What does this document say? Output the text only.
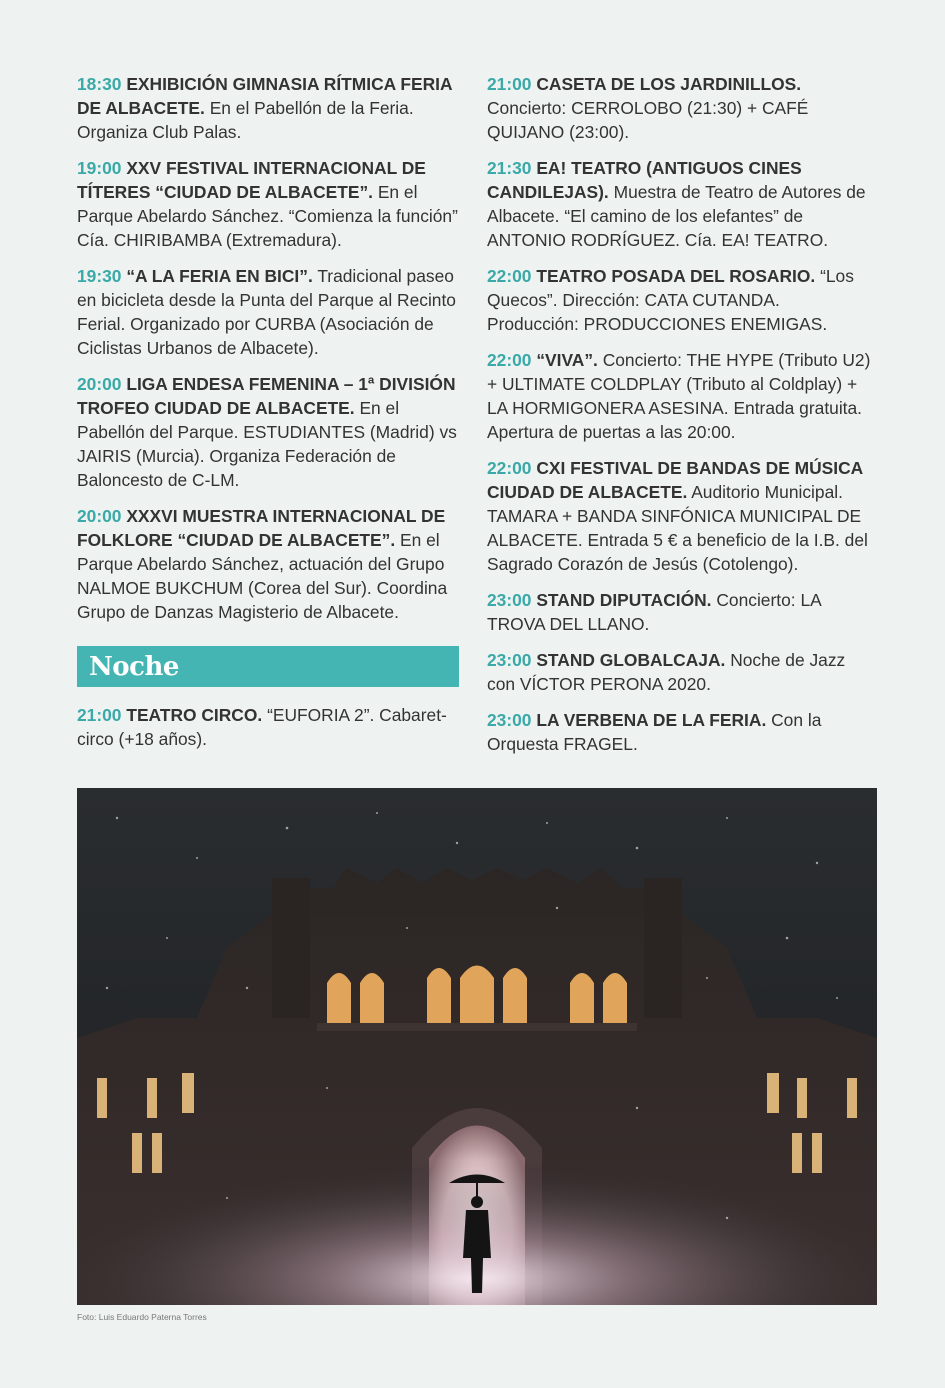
18:30 EXHIBICIÓN GIMNASIA RÍTMICA FERIA DE ALBACETE. En el Pabellón de la Feria. Organiza Club Palas.
19:00 XXV FESTIVAL INTERNACIONAL DE TÍTERES “CIUDAD DE ALBACETE”. En el Parque Abelardo Sánchez. “Comienza la función” Cía. CHIRIBAMBA (Extremadura).
19:30 “A LA FERIA EN BICI”. Tradicional paseo en bicicleta desde la Punta del Parque al Recinto Ferial. Organizado por CURBA (Asociación de Ciclistas Urbanos de Albacete).
20:00 LIGA ENDESA FEMENINA – 1ª DIVISIÓN TROFEO CIUDAD DE ALBACETE. En el Pabellón del Parque. ESTUDIANTES (Madrid) vs JAIRIS (Murcia). Organiza Federación de Baloncesto de C-LM.
20:00 XXXVI MUESTRA INTERNACIONAL DE FOLKLORE “CIUDAD DE ALBACETE”. En el Parque Abelardo Sánchez, actuación del Grupo NALMOE BUKCHUM (Corea del Sur). Coordina Grupo de Danzas Magisterio de Albacete.
Noche
21:00 TEATRO CIRCO. “EUFORIA 2”. Cabaret-circo (+18 años).
21:00 CASETA DE LOS JARDINILLOS. Concierto: CERROLOBO (21:30) + CAFÉ QUIJANO (23:00).
21:30 EA! TEATRO (ANTIGUOS CINES CANDILEJAS). Muestra de Teatro de Autores de Albacete. “El camino de los elefantes” de ANTONIO RODRÍGUEZ. Cía. EA! TEATRO.
22:00 TEATRO POSADA DEL ROSARIO. “Los Quecos”. Dirección: CATA CUTANDA. Producción: PRODUCCIONES ENEMIGAS.
22:00 “VIVA”. Concierto: THE HYPE (Tributo U2) + ULTIMATE COLDPLAY (Tributo al Coldplay) + LA HORMIGONERA ASESINA. Entrada gratuita. Apertura de puertas a las 20:00.
22:00 CXI FESTIVAL DE BANDAS DE MÚSICA CIUDAD DE ALBACETE. Auditorio Municipal. TAMARA + BANDA SINFÓNICA MUNICIPAL DE ALBACETE. Entrada 5 € a beneficio de la I.B. del Sagrado Corazón de Jesús (Cotolengo).
23:00 STAND DIPUTACIÓN. Concierto: LA TROVA DEL LLANO.
23:00 STAND GLOBALCAJA. Noche de Jazz con VÍCTOR PERONA 2020.
23:00 LA VERBENA DE LA FERIA. Con la Orquesta FRAGEL.
Foto: Luis Eduardo Paterna Torres
